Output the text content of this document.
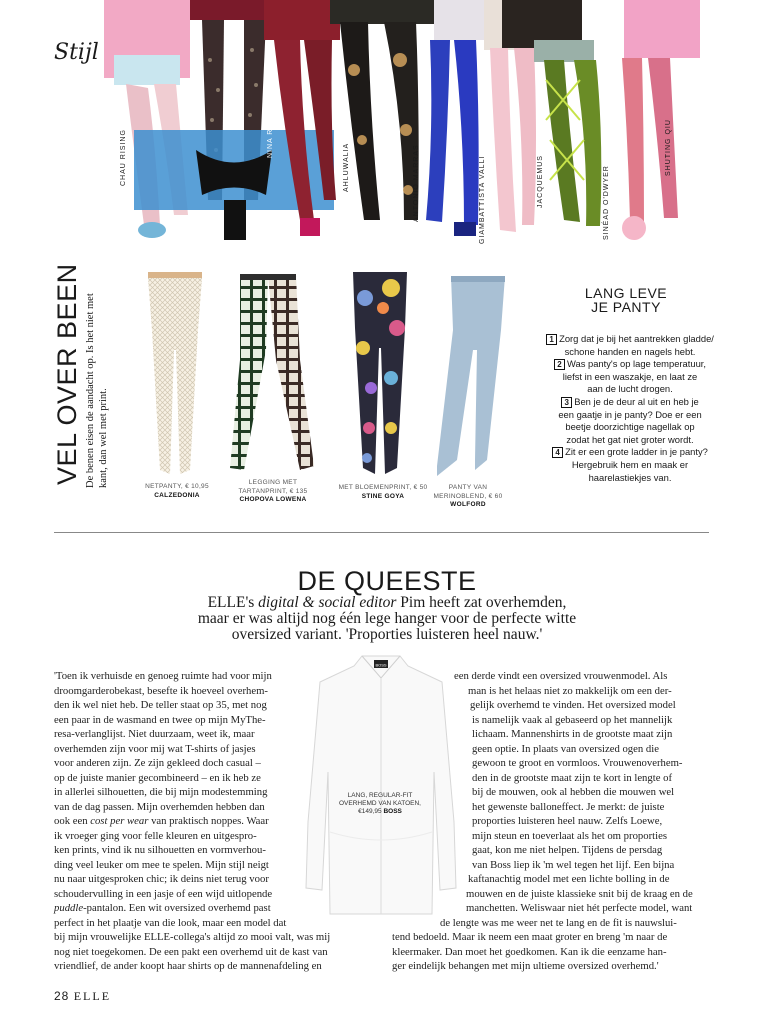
Stijl
CHAU RISING	NINA RICCI
AHLUWALIA	ANTONIO MARRAS	GIAMBATTISTA VALLI	JACQUEMUS	SINÉAD O'DWYER
SHUTING QIU
VEL OVER BEEN De benen eisen de aandacht op. Is het niet met kant, dan wel met print.	NETPANTY, € 10,95
CALZEDONIA
LEGGING MET TARTANPRINT, € 135
CHOPOVA LOWENA
MET BLOEMENPRINT, € 50
STINE GOYA
PANTY VAN MERINOBLEND, € 60
WOLFORD
LANG LEVE
JE PANTY
1 Zorg dat je bij het aantrekken gladde/
schone handen en nagels hebt.
2 Was panty's op lage temperatuur,
liefst in een waszakje, en laat ze
aan de lucht drogen.
3 Ben je de deur al uit en heb je
een gaatje in je panty? Doe er een
beetje doorzichtige nagellak op
zodat het gat niet groter wordt.
4 Zit er een grote ladder in je panty?
Hergebruik hem en maak er
haarelastiekjes van.
DE QUEESTE
ELLE's digital & social editor Pim heeft zat overhemden,
maar er was altijd nog één lege hanger voor de perfecte witte
oversized variant. 'Proporties luisteren heel nauw.'
BOSS
LANG, REGULAR-FIT
OVERHEMD VAN KATOEN,
€149,95 BOSS
'Toen ik verhuisde en genoeg ruimte had voor mijn
droomgarderobekast, besefte ik hoeveel overhem-
den ik wel niet heb. De teller staat op 35, met nog
een paar in de wasmand en twee op mijn MyThe-
resa-verlanglijst. Niet duurzaam, weet ik, maar
overhemden zijn voor mij wat T-shirts of jasjes
voor anderen zijn. Ze zijn gekleed doch casual –
op de juiste manier gecombineerd – en ik heb ze
in allerlei silhouetten, die bij mijn modestemming
van de dag passen. Mijn overhemden hebben dan
ook een cost per wear van praktisch noppes. Waar
ik vroeger ging voor felle kleuren en uitgespro-
ken prints, vind ik nu silhouetten en vormverhou-
ding veel leuker om mee te spelen. Mijn stijl neigt
nu naar uitgesproken chic; ik deins niet terug voor
schoudervulling in een jasje of een wijd uitlopende
puddle-pantalon. Een wit oversized overhemd past
perfect in het plaatje van die look, maar een model dat
bij mijn vrouwelijke ELLE-collega's altijd zo mooi valt, was mij
nog niet toegekomen. De een pakt een overhemd uit de kast van
vriendlief, de ander koopt haar shirts op de mannenafdeling en
een derde vindt een oversized vrouwenmodel. Als
man is het helaas niet zo makkelijk om een der-
gelijk overhemd te vinden. Het oversized model
is namelijk vaak al gebaseerd op het mannelijk
lichaam. Mannenshirts in de grootste maat zijn
geen optie. In plaats van oversized ogen die
gewoon te groot en vormloos. Vrouwenoverhem-
den in de grootste maat zijn te kort in lengte of
bij de mouwen, ook al hebben die mouwen wel
het gewenste balloneffect. Je merkt: de juiste
proporties luisteren heel nauw. Zelfs Loewe,
mijn steun en toeverlaat als het om proporties
gaat, kon me niet helpen. Tijdens de persdag
van Boss liep ik 'm wel tegen het lijf. Een bijna
kaftanachtig model met een lichte bolling in de
mouwen en de juiste klassieke snit bij de kraag en de
manchetten. Weliswaar niet hét perfecte model, want
de lengte was me weer net te lang en de fit is nauwslui-
tend bedoeld. Maar ik neem een maat groter en breng 'm naar de
kleermaker. Dan moet het goedkomen. Kan ik die eenzame han-
ger eindelijk behangen met mijn ultieme oversized overhemd.'
28 ELLE
